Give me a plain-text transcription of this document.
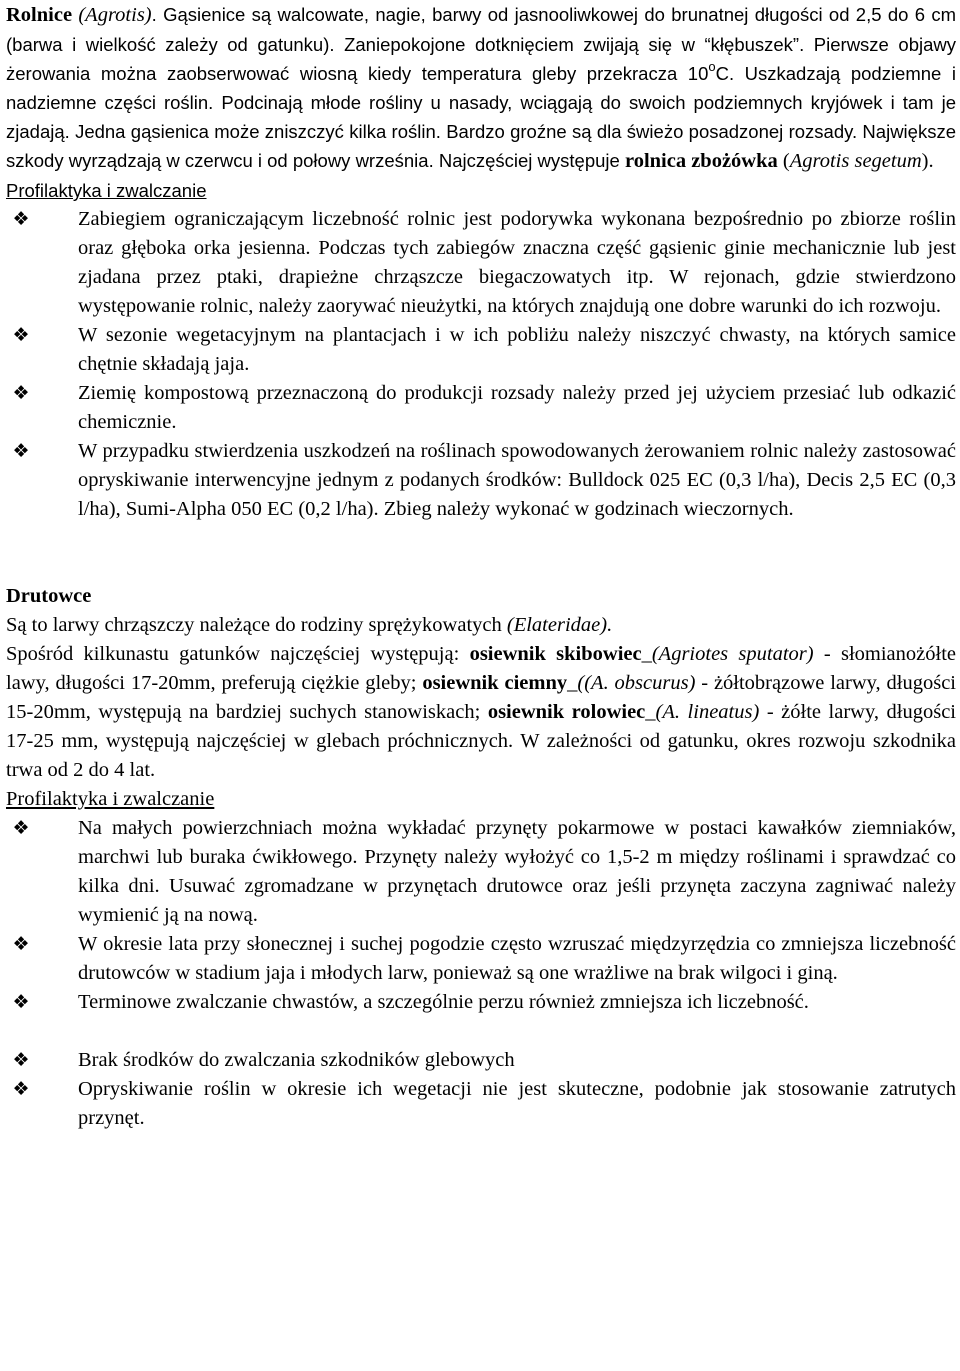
Rolnice (Agrotis). Gąsienice są walcowate, nagie, barwy od jasnooliwkowej do brunatnej długości od 2,5 do 6 cm (barwa i wielkość zależy od gatunku). Zaniepokojone dotknięciem zwijają się w “kłębuszek”. Pierwsze objawy żerowania można zaobserwować wiosną kiedy temperatura gleby przekracza 10$^o$C. Uszkadzają podziemne i nadziemne części roślin. Podcinają młode rośliny u nasady, wciągają do swoich podziemnych kryjówek i tam je zjadają. Jedna gąsienica może zniszczyć kilka roślin. Bardzo groźne są dla świeżo posadzonej rozsady. Największe szkody wyrządzają w czerwcu i od połowy września. Najczęściej występuje rolnica zbożówka (Agrotis segetum).

Profilaktyka i zwalczanie

❖ Zabiegiem ograniczającym liczebność rolnic jest podorywka wykonana bezpośrednio po zbiorze roślin oraz głęboka orka jesienna. Podczas tych zabiegów znaczna część gąsienic ginie mechanicznie lub jest zjadana przez ptaki, drapieżne chrząszcze biegaczowatych itp. W rejonach, gdzie stwierdzono występowanie rolnic, należy zaorywać nieużytki, na których znajdują one dobre warunki do ich rozwoju.
❖ W sezonie wegetacyjnym na plantacjach i w ich pobliżu należy niszczyć chwasty, na których samice chętnie składają jaja.
❖ Ziemię kompostową przeznaczoną do produkcji rozsady należy przed jej użyciem przesiać lub odkazić chemicznie.
❖ W przypadku stwierdzenia uszkodzeń na roślinach spowodowanych żerowaniem rolnic należy zastosować opryskiwanie interwencyjne jednym z podanych środków: Bulldock 025 EC (0,3 l/ha), Decis 2,5 EC (0,3 l/ha), Sumi-Alpha 050 EC (0,2 l/ha). Zbieg należy wykonać w godzinach wieczornych.

Drutowce

Są to larwy chrząszczy należące do rodziny sprężykowatych (Elateridae).

Spośród kilkunastu gatunków najczęściej występują: osiewnik skibowiec_(Agriotes sputator) - słomianożółte lawy, długości 17-20mm, preferują ciężkie gleby; osiewnik ciemny_((A. obscurus) - żółtobrązowe larwy, długości 15-20mm, występują na bardziej suchych stanowiskach; osiewnik rolowiec_(A. lineatus) - żółte larwy, długości 17-25 mm, występują najczęściej w glebach próchnicznych. W zależności od gatunku, okres rozwoju szkodnika trwa od 2 do 4 lat.

Profilaktyka i zwalczanie

❖ Na małych powierzchniach można wykładać przynęty pokarmowe w postaci kawałków ziemniaków, marchwi lub buraka ćwikłowego. Przynęty należy wyłożyć co 1,5-2 m między roślinami i sprawdzać co kilka dni. Usuwać zgromadzane w przynętach drutowce oraz jeśli przynęta zaczyna zagniwać należy wymienić ją na nową.
❖ W okresie lata przy słonecznej i suchej pogodzie często wzruszać międzyrzędzia co zmniejsza liczebność drutowców w stadium jaja i młodych larw, ponieważ są one wrażliwe na brak wilgoci i giną.
❖ Terminowe zwalczanie chwastów, a szczególnie perzu również zmniejsza ich liczebność.
❖ Brak środków do zwalczania szkodników glebowych
❖ Opryskiwanie roślin w okresie ich wegetacji nie jest skuteczne, podobnie jak stosowanie zatrutych przynęt.
